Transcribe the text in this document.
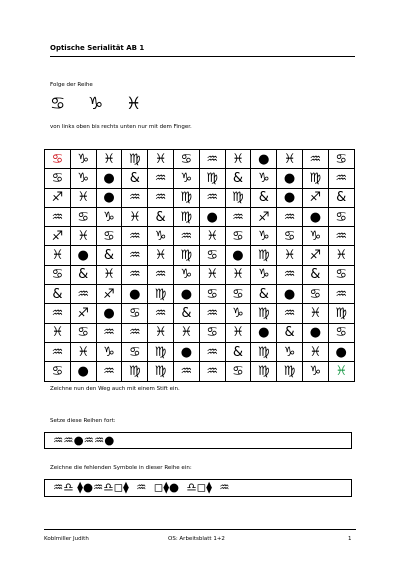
Optische Serialität AB 1
Folge der Reihe
♋ ♑ ♓
von links oben bis rechts unten nur mit dem Finger.
♋	♑	♓	♍	♓	♋	♒	♓	●	♓	♒	♋
♋	♑	●	&	♒	♑	♍	&	♑	●	♍	♒
♐	♓	●	♒	♒	♍	♒	♍	&	●	♐	&
♒	♋	♑	♓	&	♍	●	♒	♐	♒	●	♋
♐	♓	♋	♒	♑	♒	♓	♋	♑	♋	♑	♒
♓	●	&	♒	♓	♍	♋	●	♍	♓	♐	♓
♋	&	♓	♒	♒	♑	♓	♓	♑	♒	&	♋
&	♒	♐	●	♍	●	♋	♋	&	●	♋	♒
♒	♐	●	♋	♒	&	♒	♑	♍	♒	♓	♍
♓	♋	♒	♒	♓	♓	♋	♓	●	&	●	♋
♒	♓	♑	♋	♍	●	♒	&	♍	♑	♓	●
♋	●	♒	♍	♍	♒	♒	♋	♍	♍	♑	♓
Zeichne nun den Weg auch mit einem Stift ein.
Setze diese Reihen fort:
♒♒●♒♒●
Zeichne die fehlenden Symbole in dieser Reihe ein:
♒♎ ⧫●♒♎◻⧫  ♒  ◻⧫●  ♎◻⧫  ♒
Koblmiller Judith	OS: Arbeitsblatt 1+2	1
